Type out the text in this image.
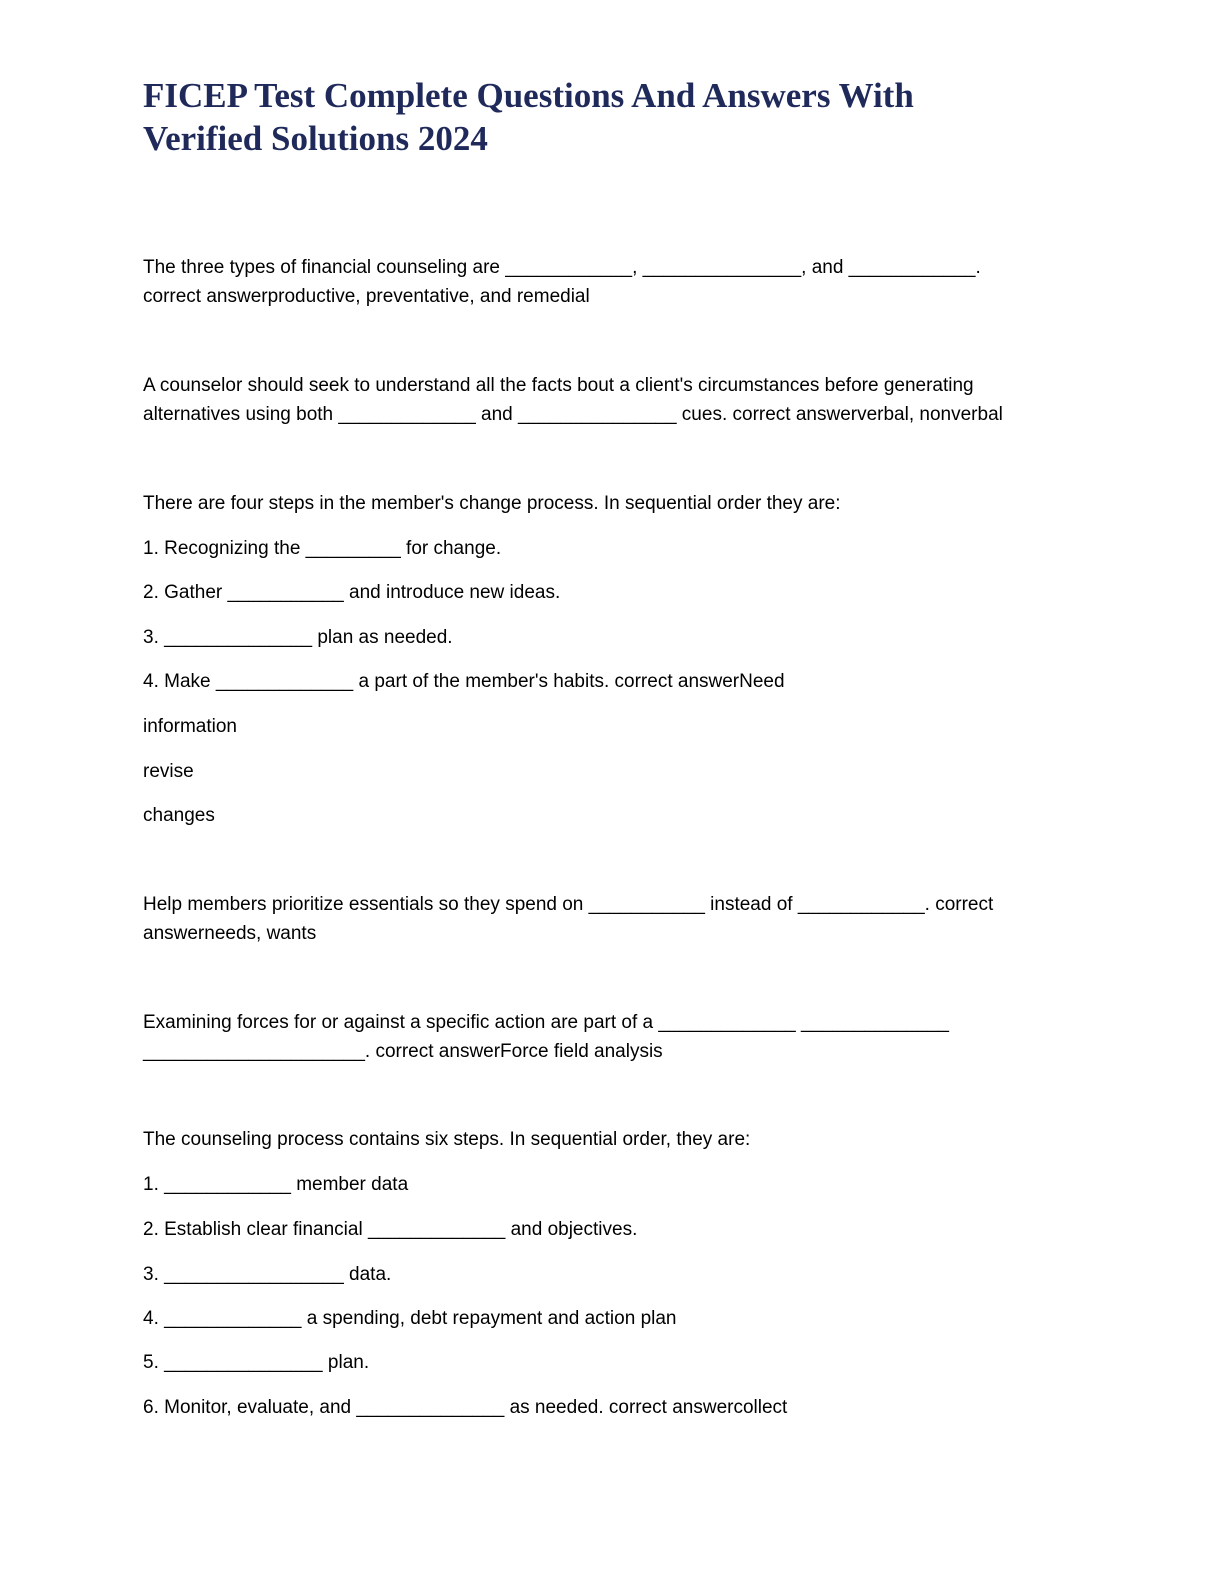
FICEP Test Complete Questions And Answers With
Verified Solutions 2024

The three types of financial counseling are ____________, _______________, and ____________.

correct answerproductive, preventative, and remedial

A counselor should seek to understand all the facts bout a client's circumstances before generating

alternatives using both _____________ and _______________ cues. correct answerverbal, nonverbal

There are four steps in the member's change process. In sequential order they are:

1. Recognizing the _________ for change.

2. Gather ___________ and introduce new ideas.

3. ______________ plan as needed.

4. Make _____________ a part of the member's habits. correct answerNeed

information

revise

changes

Help members prioritize essentials so they spend on ___________ instead of ____________. correct

answerneeds, wants

Examining forces for or against a specific action are part of a _____________ ______________

_____________________. correct answerForce field analysis

The counseling process contains six steps. In sequential order, they are:

1. ____________ member data

2. Establish clear financial _____________ and objectives.

3. _________________ data.

4. _____________ a spending, debt repayment and action plan

5. _______________ plan.

6. Monitor, evaluate, and ______________ as needed. correct answercollect
